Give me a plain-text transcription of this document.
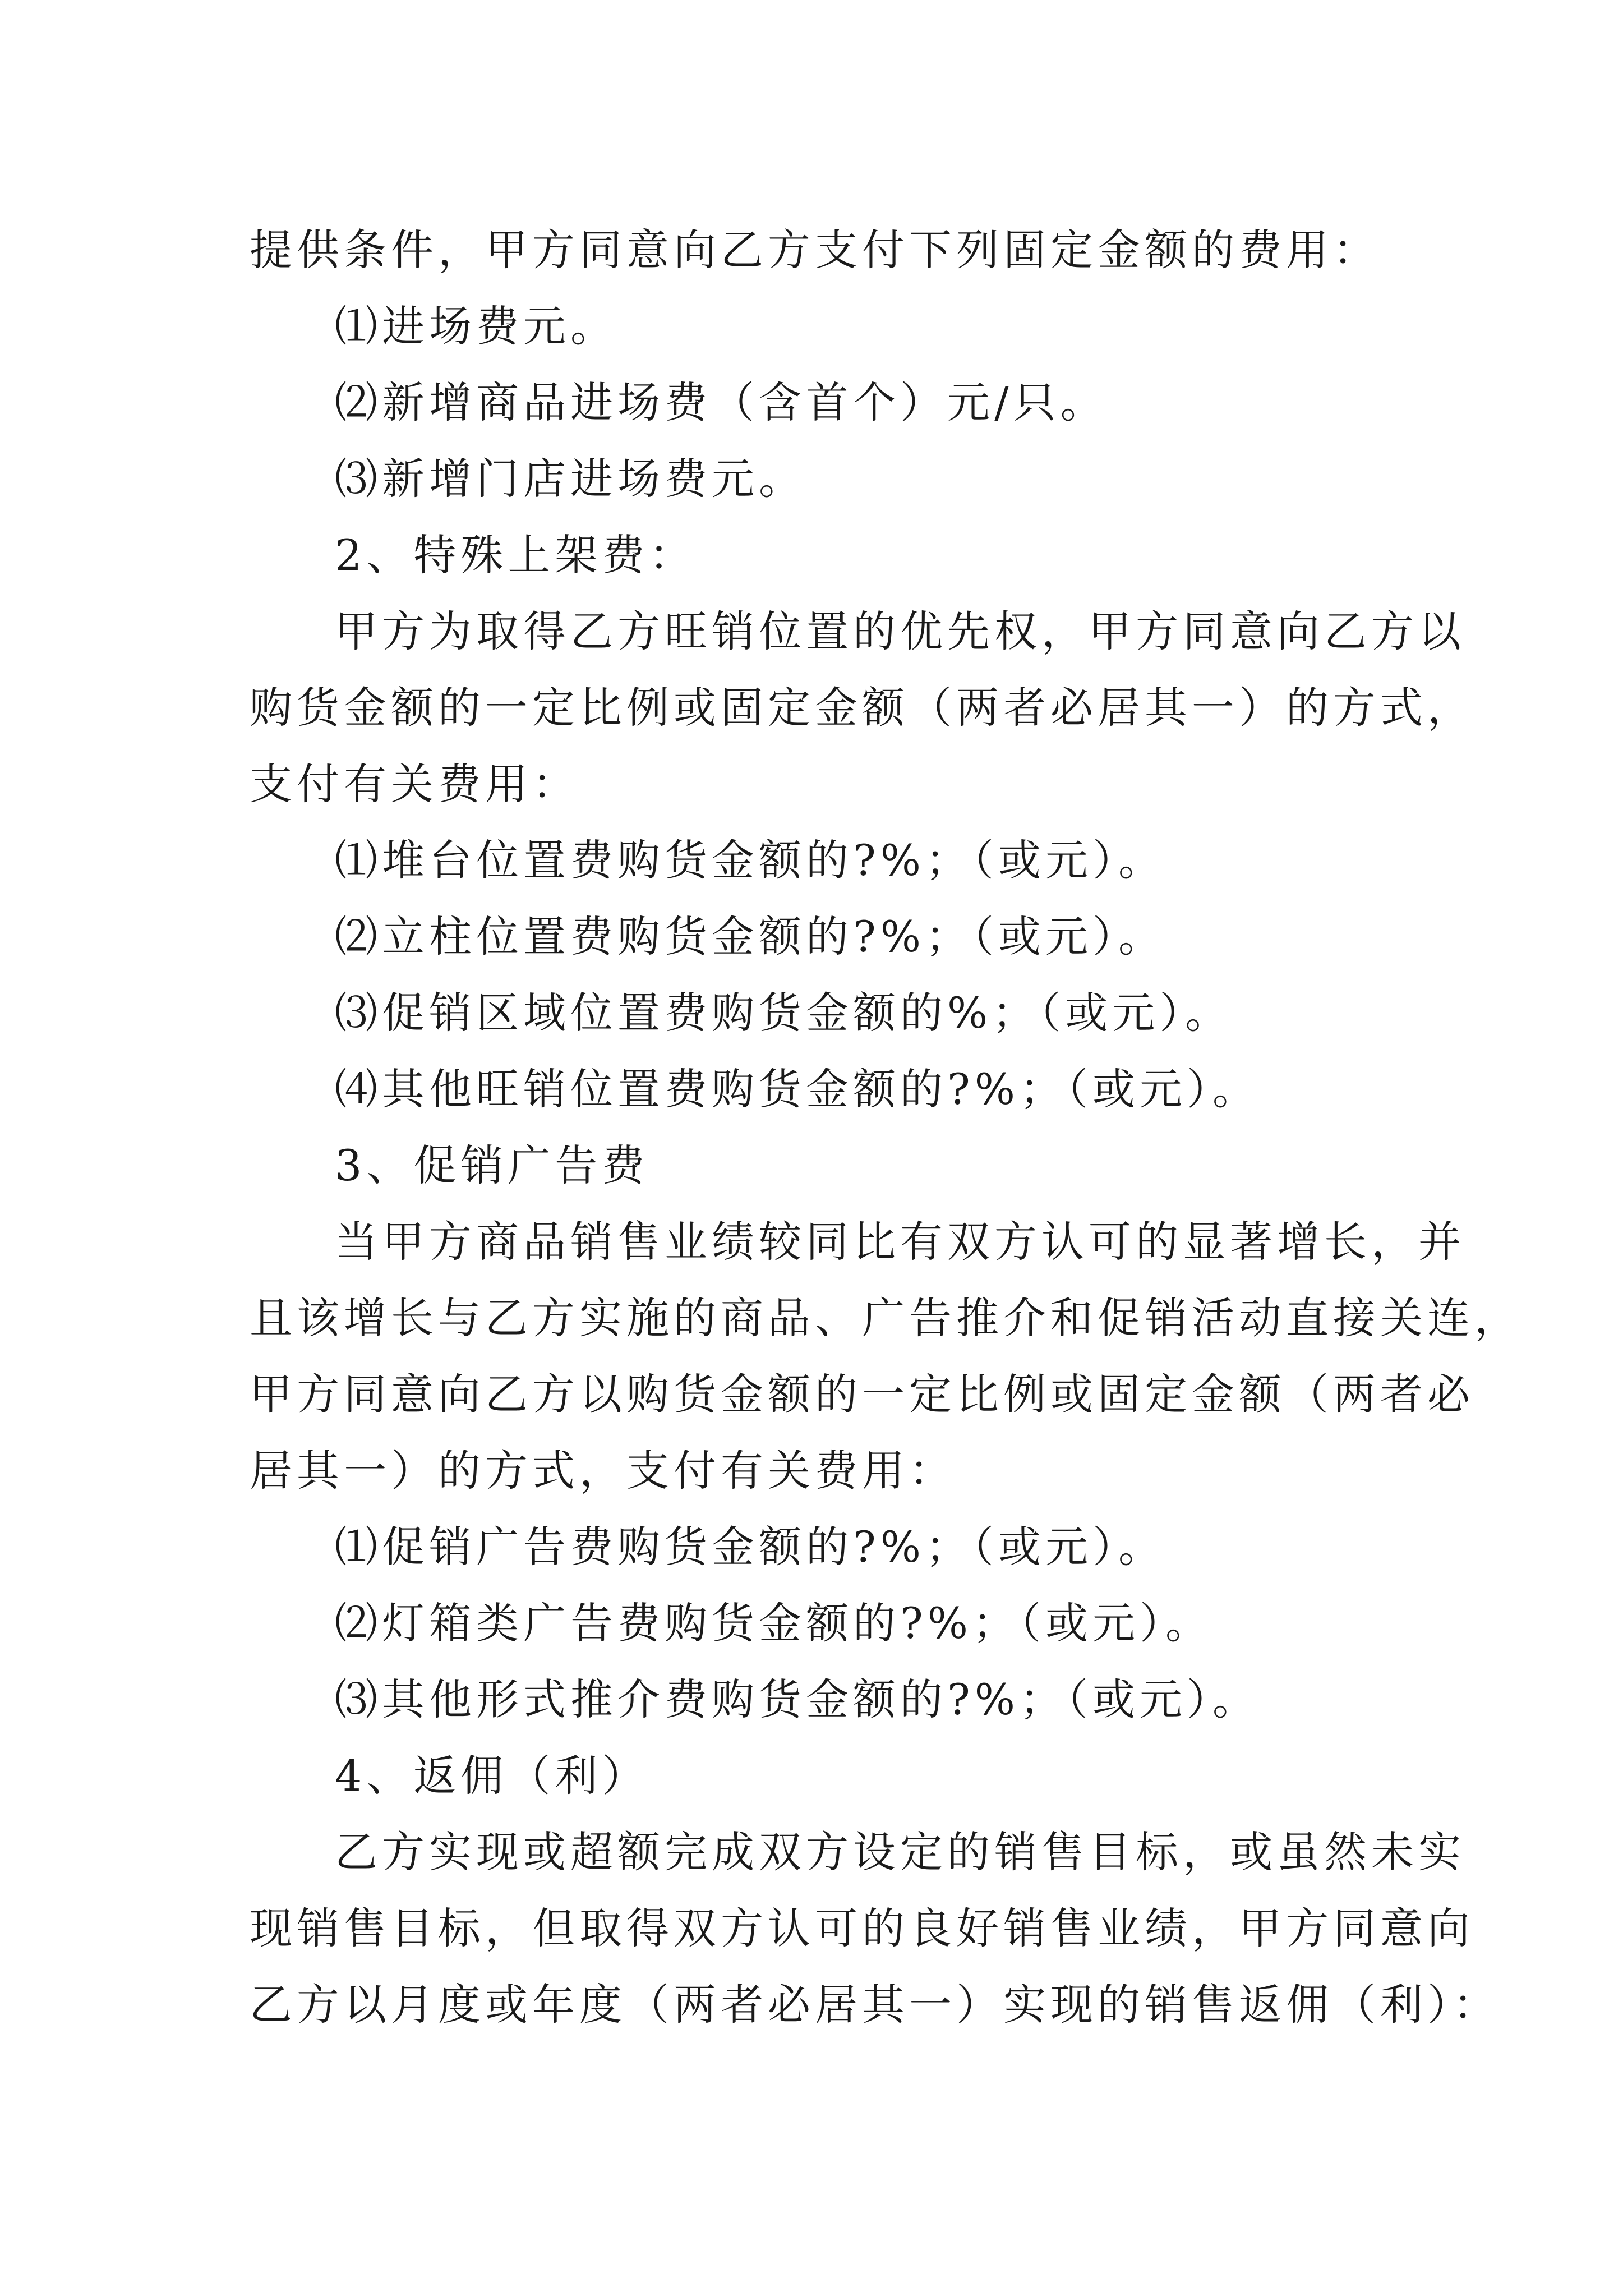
提供条件，甲方同意向乙方支付下列固定金额的费用：

⑴进场费元。

⑵新增商品进场费（含首个）元/只。

⑶新增门店进场费元。

2、特殊上架费：

甲方为取得乙方旺销位置的优先权，甲方同意向乙方以

购货金额的一定比例或固定金额（两者必居其一）的方式，

支付有关费用：

⑴堆台位置费购货金额的?%；（或元）。

⑵立柱位置费购货金额的?%；（或元）。

⑶促销区域位置费购货金额的%；（或元）。

⑷其他旺销位置费购货金额的?%；（或元）。

3、促销广告费

当甲方商品销售业绩较同比有双方认可的显著增长，并

且该增长与乙方实施的商品、广告推介和促销活动直接关连，

甲方同意向乙方以购货金额的一定比例或固定金额（两者必

居其一）的方式，支付有关费用：

⑴促销广告费购货金额的?%；（或元）。

⑵灯箱类广告费购货金额的?%；（或元）。

⑶其他形式推介费购货金额的?%；（或元）。

4、返佣（利）

乙方实现或超额完成双方设定的销售目标，或虽然未实

现销售目标，但取得双方认可的良好销售业绩，甲方同意向

乙方以月度或年度（两者必居其一）实现的销售返佣（利）：
